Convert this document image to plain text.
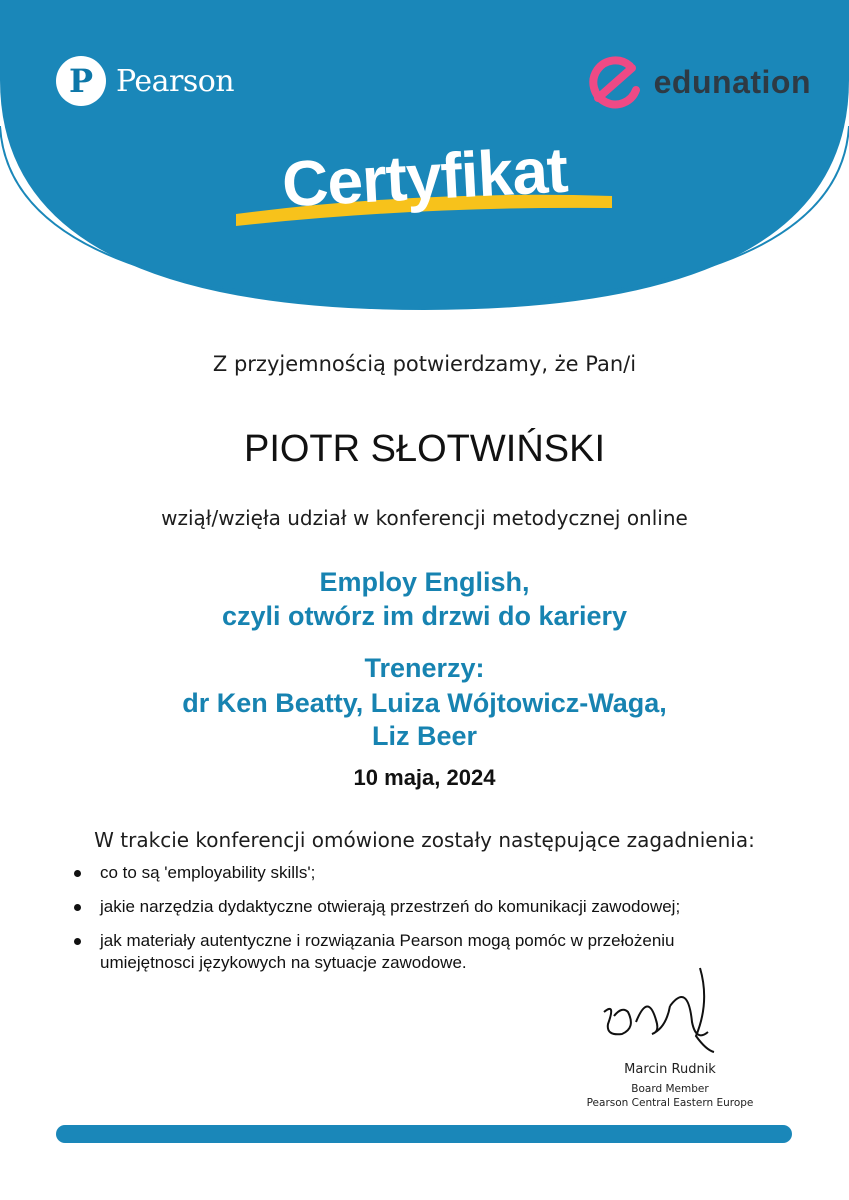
P Pearson	edunation
Certyfikat

Z przyjemnością potwierdzamy, że Pan/i

PIOTR SŁOTWIŃSKI

wziął/wzięła udział w konferencji metodycznej online

Employ English,

czyli otwórz im drzwi do kariery

Trenerzy:

dr Ken Beatty, Luiza Wójtowicz-Waga,

Liz Beer

10 maja, 2024

W trakcie konferencji omówione zostały następujące zagadnienia:

co to są 'employability skills';
jakie narzędzia dydaktyczne otwierają przestrzeń do komunikacji zawodowej;
jak materiały autentyczne i rozwiązania Pearson mogą pomóc w przełożeniu umiejętnosci językowych na sytuacje zawodowe.

Marcin Rudnik

Board Member

Pearson Central Eastern Europe
